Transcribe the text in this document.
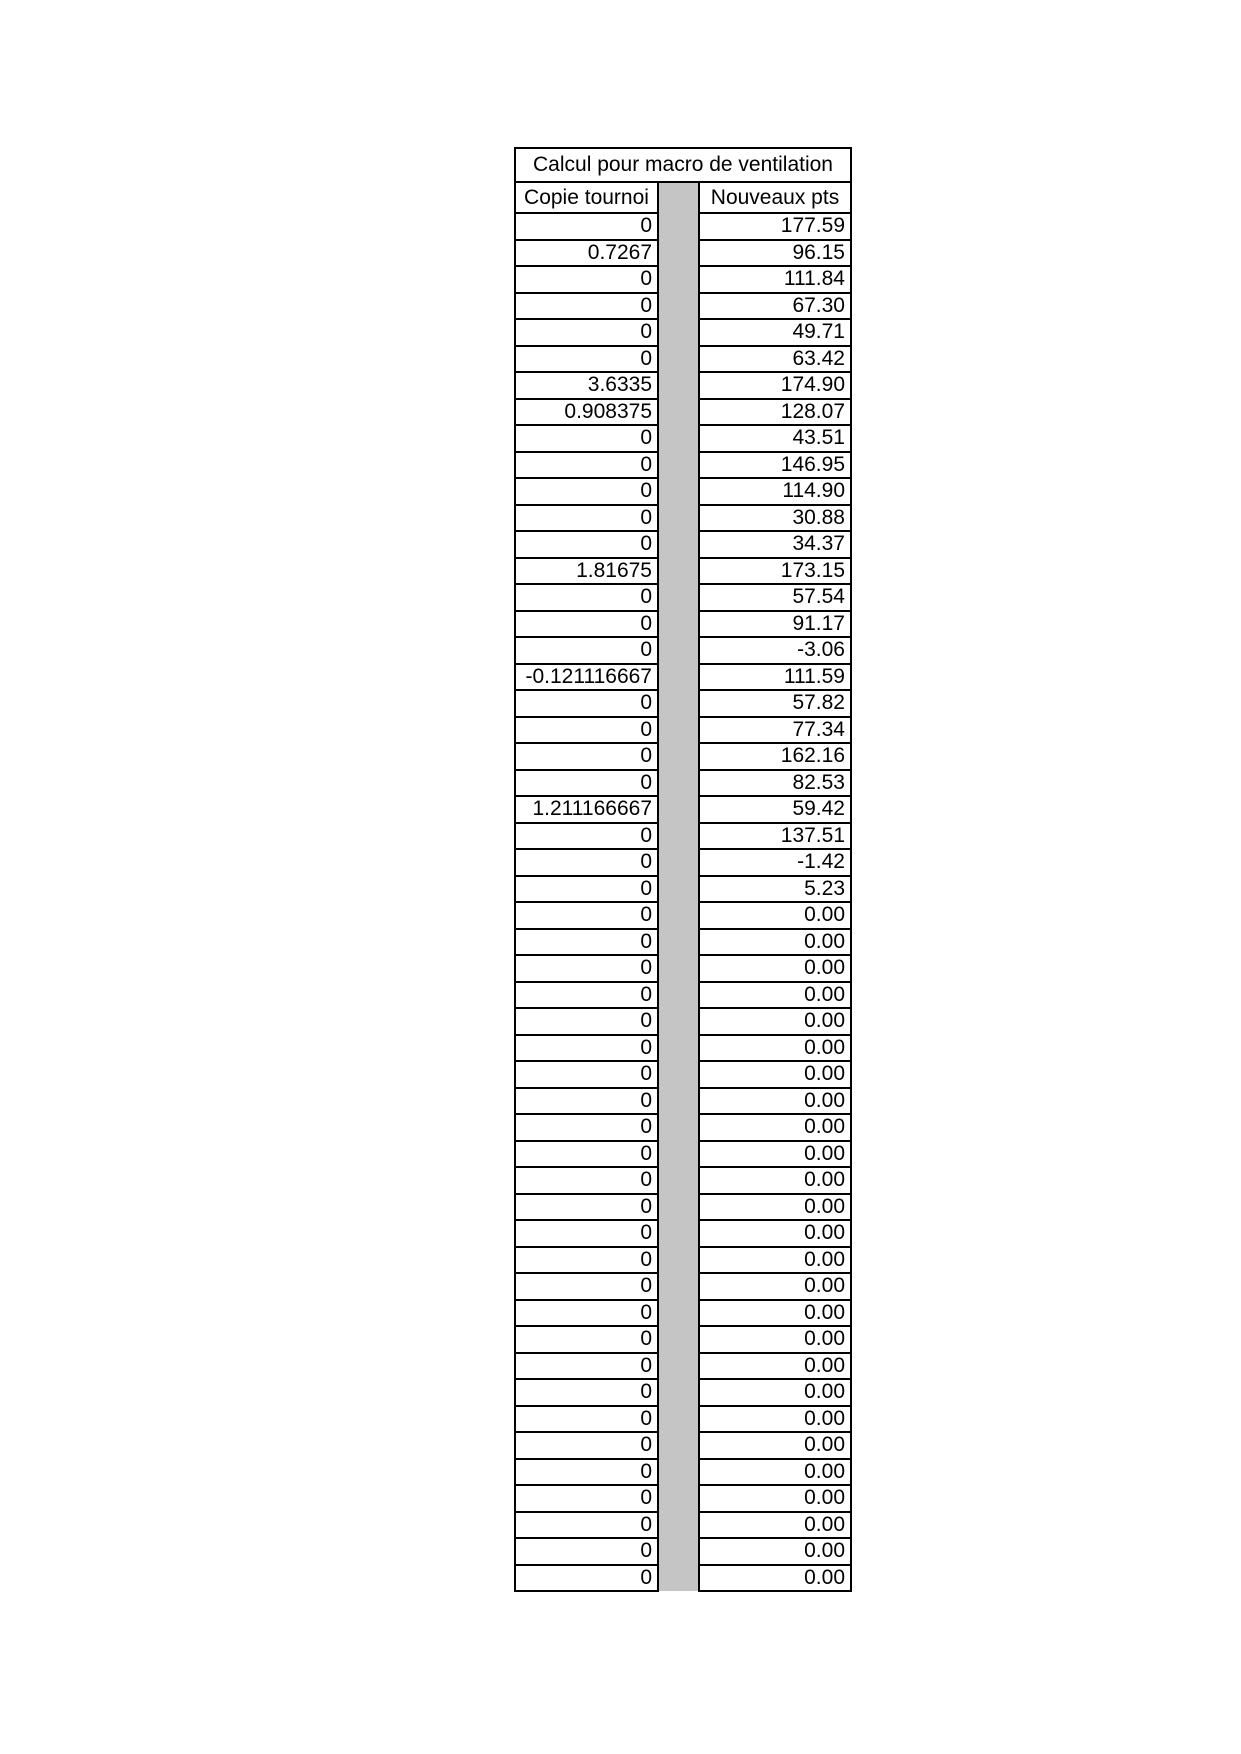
Calcul pour macro de ventilation		
Copie tournoi		Nouveaux pts
0		177.59
0.7267		96.15
0		111.84
0		67.30
0		49.71
0		63.42
3.6335		174.90
0.908375		128.07
0		43.51
0		146.95
0		114.90
0		30.88
0		34.37
1.81675		173.15
0		57.54
0		91.17
0		-3.06
-0.121116667		111.59
0		57.82
0		77.34
0		162.16
0		82.53
1.211166667		59.42
0		137.51
0		-1.42
0		5.23
0		0.00
0		0.00
0		0.00
0		0.00
0		0.00
0		0.00
0		0.00
0		0.00
0		0.00
0		0.00
0		0.00
0		0.00
0		0.00
0		0.00
0		0.00
0		0.00
0		0.00
0		0.00
0		0.00
0		0.00
0		0.00
0		0.00
0		0.00
0		0.00
0		0.00
0		0.00
